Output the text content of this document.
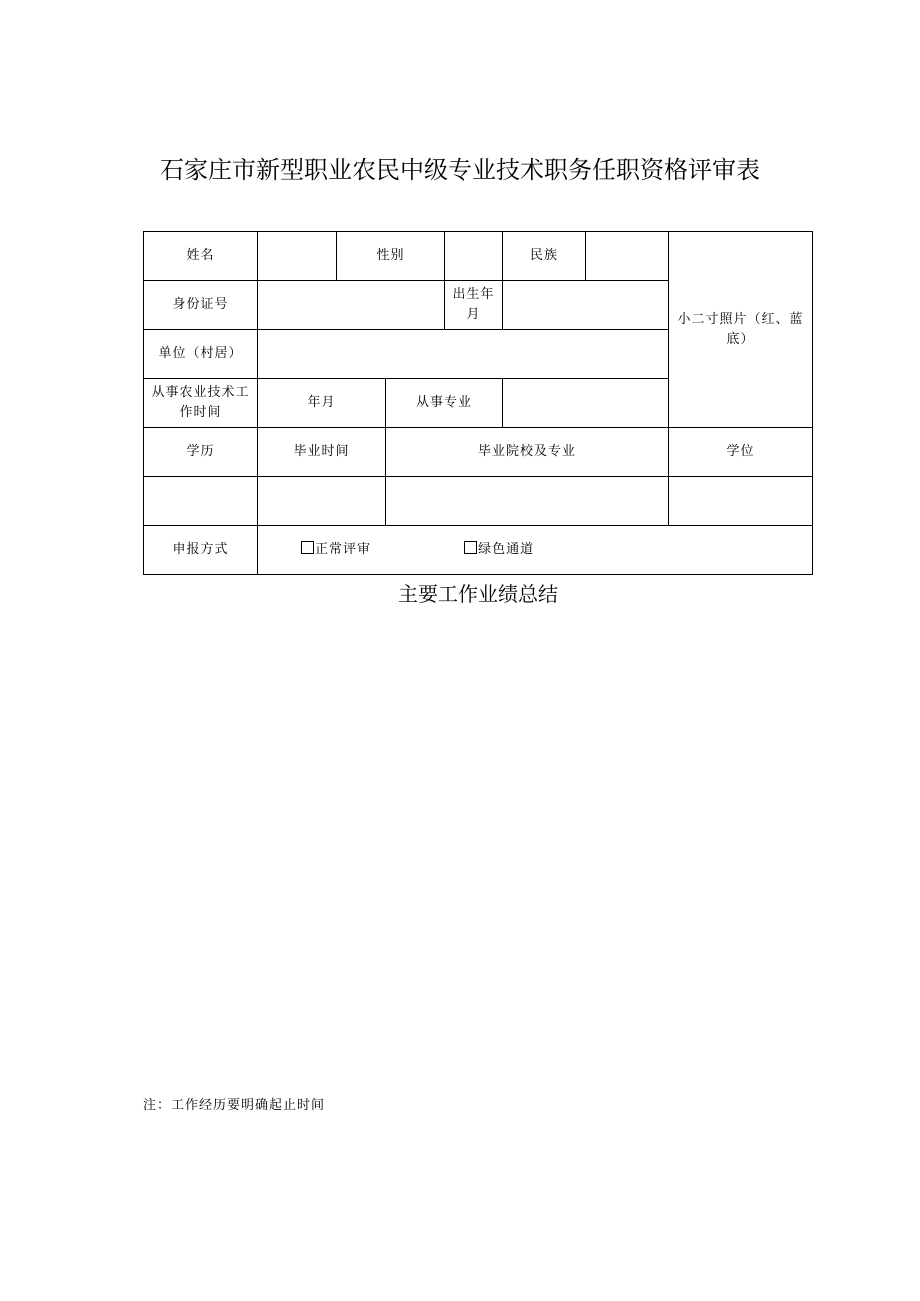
石家庄市新型职业农民中级专业技术职务任职资格评审表
姓名		性别			民族		小二寸照片（红、蓝底）
身份证号				出生年月			
单位（村居）							
从事农业技术工作时间	年月		从事专业				
学历	毕业时间		毕业院校及专业				学位

申报方式	正常评审 绿色通道						
主要工作业绩总结
注：工作经历要明确起止时间
